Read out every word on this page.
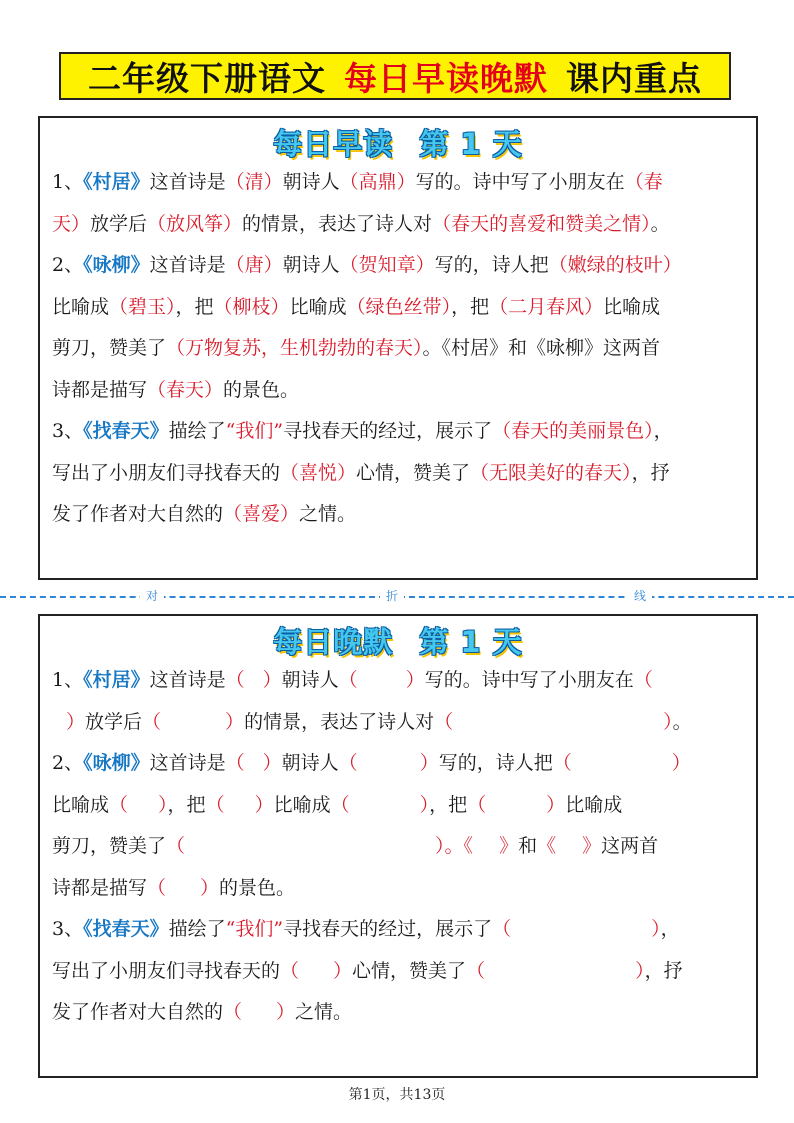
二年级下册语文 每日早读晚默 课内重点
每日早读 第 1 天
1、《村居》这首诗是（清）朝诗人（高鼎）写的。诗中写了小朋友在（春
天）放学后（放风筝）的情景，表达了诗人对（春天的喜爱和赞美之情）。
2、《咏柳》这首诗是（唐）朝诗人（贺知章）写的，诗人把（嫩绿的枝叶）
比喻成（碧玉），把（柳枝）比喻成（绿色丝带），把（二月春风）比喻成
剪刀，赞美了（万物复苏，生机勃勃的春天）。《村居》和《咏柳》这两首
诗都是描写（春天）的景色。
3、《找春天》描绘了“我们”寻找春天的经过，展示了（春天的美丽景色），
写出了小朋友们寻找春天的（喜悦）心情，赞美了（无限美好的春天），抒
发了作者对大自然的（喜爱）之情。
对	折	线
每日晚默 第 1 天
1、《村居》这首诗是（ ）朝诗人（	）写的。诗中写了小朋友在（
）放学后（	）的情景，表达了诗人对（	）。
2、《咏柳》这首诗是（ ）朝诗人（	）写的，诗人把（	）
比喻成（ ），把（ ）比喻成（	），把（	）比喻成
剪刀，赞美了（	）。《 》和《 》这两首
诗都是描写（ ）的景色。
3、《找春天》描绘了“我们”寻找春天的经过，展示了（	），
写出了小朋友们寻找春天的（ ）心情，赞美了（	），抒
发了作者对大自然的（ ）之情。
第1页，共13页
